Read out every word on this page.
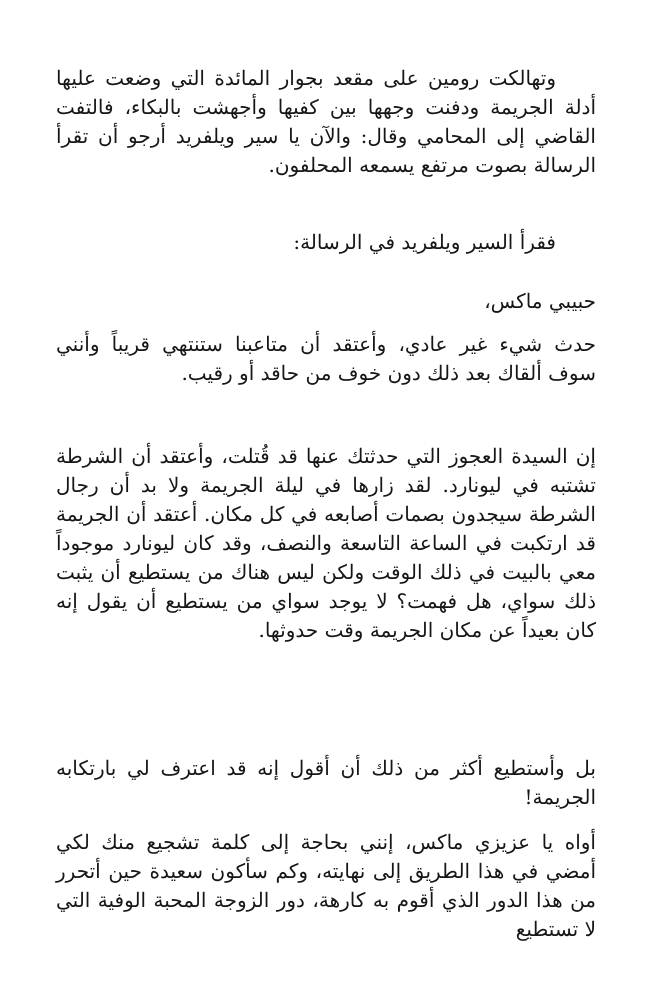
وتهالكت رومين على مقعد بجوار المائدة التي وضعت عليها أدلة الجريمة ودفنت وجهها بين كفيها وأجهشت بالبكاء، فالتفت القاضي إلى المحامي وقال: والآن يا سير ويلفريد أرجو أن تقرأ الرسالة بصوت مرتفع يسمعه المحلفون.

فقرأ السير ويلفريد في الرسالة:

حبيبي ماكس،

حدث شيء غير عادي، وأعتقد أن متاعبنا ستنتهي قريباً وأنني سوف ألقاك بعد ذلك دون خوف من حاقد أو رقيب.

إن السيدة العجوز التي حدثتك عنها قد قُتلت، وأعتقد أن الشرطة تشتبه في ليونارد. لقد زارها في ليلة الجريمة ولا بد أن رجال الشرطة سيجدون بصمات أصابعه في كل مكان. أعتقد أن الجريمة قد ارتكبت في الساعة التاسعة والنصف، وقد كان ليونارد موجوداً معي بالبيت في ذلك الوقت ولكن ليس هناك من يستطيع أن يثبت ذلك سواي، هل فهمت؟ لا يوجد سواي من يستطيع أن يقول إنه كان بعيداً عن مكان الجريمة وقت حدوثها.

بل وأستطيع أكثر من ذلك أن أقول إنه قد اعترف لي بارتكابه الجريمة!

أواه يا عزيزي ماكس، إنني بحاجة إلى كلمة تشجيع منك لكي أمضي في هذا الطريق إلى نهايته، وكم سأكون سعيدة حين أتحرر من هذا الدور الذي أقوم به كارهة، دور الزوجة المحبة الوفية التي لا تستطيع
